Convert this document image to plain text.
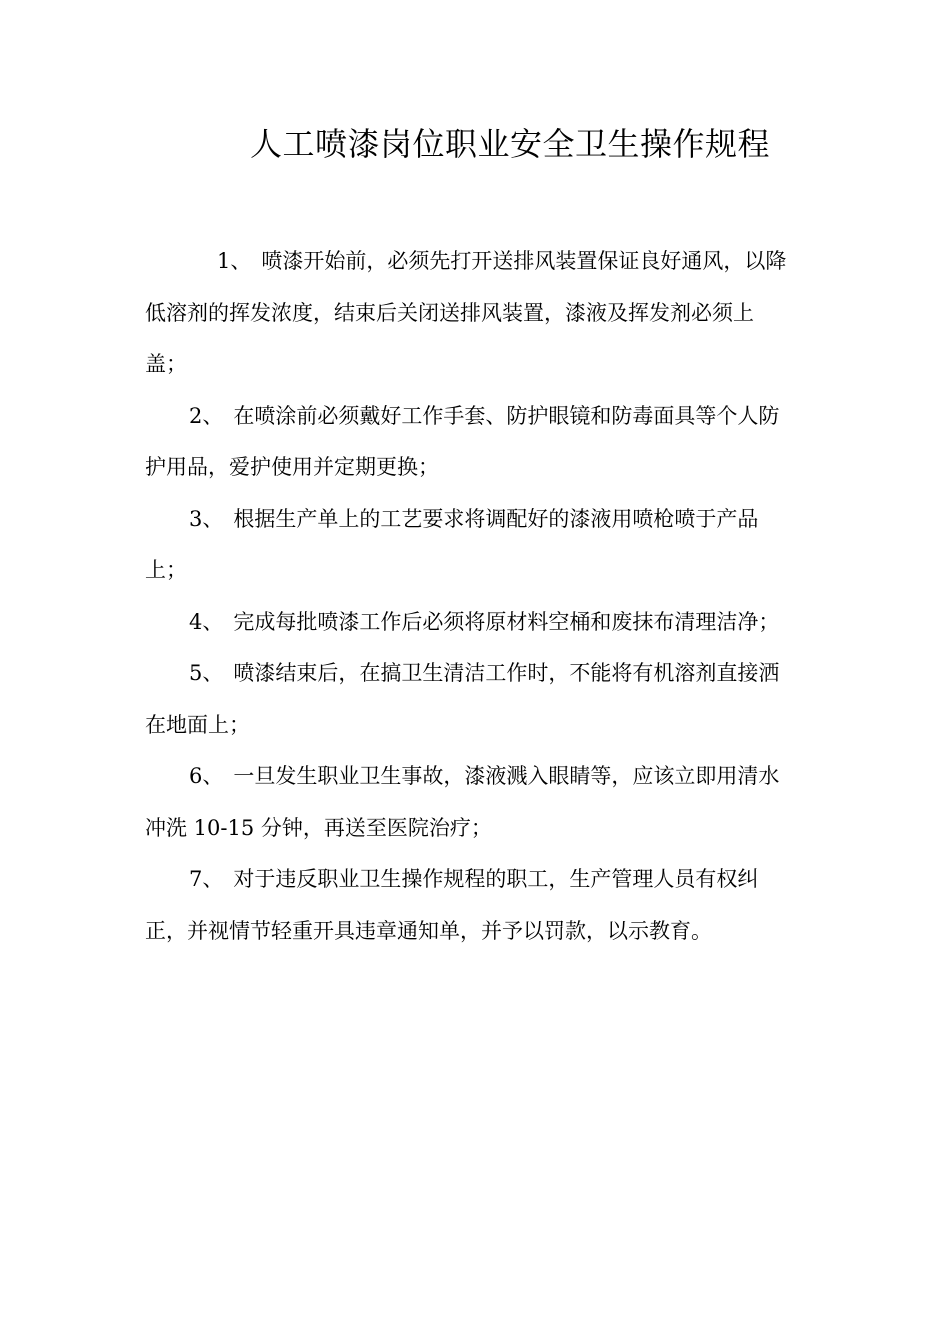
人工喷漆岗位职业安全卫生操作规程

1、 喷漆开始前，必须先打开送排风装置保证良好通风，以降低溶剂的挥发浓度，结束后关闭送排风装置，漆液及挥发剂必须上盖；

2、 在喷涂前必须戴好工作手套、防护眼镜和防毒面具等个人防护用品，爱护使用并定期更换；

3、 根据生产单上的工艺要求将调配好的漆液用喷枪喷于产品上；

4、 完成每批喷漆工作后必须将原材料空桶和废抹布清理洁净；

5、 喷漆结束后，在搞卫生清洁工作时，不能将有机溶剂直接洒在地面上；

6、 一旦发生职业卫生事故，漆液溅入眼睛等，应该立即用清水冲洗 10-15 分钟，再送至医院治疗；

7、 对于违反职业卫生操作规程的职工，生产管理人员有权纠正，并视情节轻重开具违章通知单，并予以罚款，以示教育。
